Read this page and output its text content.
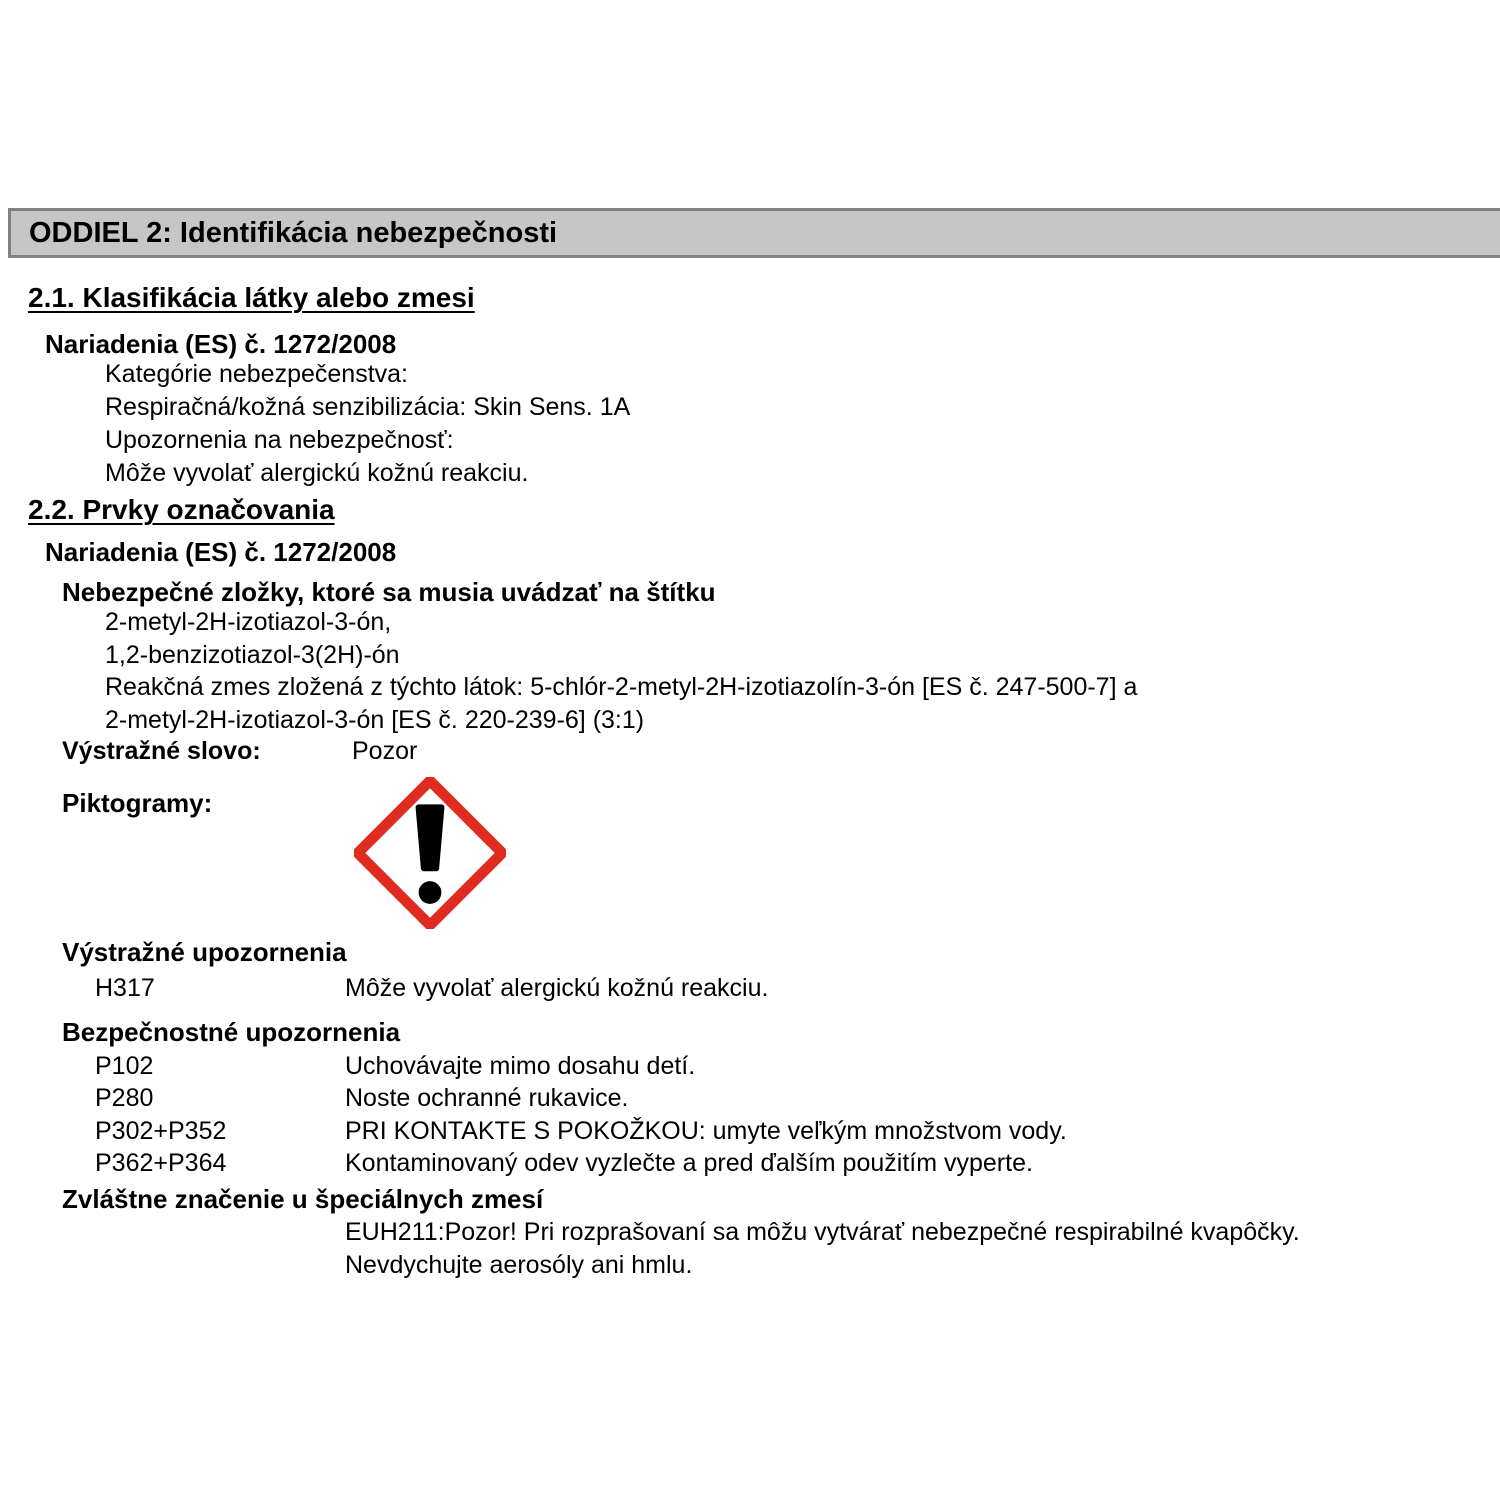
ODDIEL 2: Identifikácia nebezpečnosti
2.1. Klasifikácia látky alebo zmesi
Nariadenia (ES) č. 1272/2008
Kategórie nebezpečenstva:
Respiračná/kožná senzibilizácia: Skin Sens. 1A
Upozornenia na nebezpečnosť:
Môže vyvolať alergickú kožnú reakciu.
2.2. Prvky označovania
Nariadenia (ES) č. 1272/2008
Nebezpečné zložky, ktoré sa musia uvádzať na štítku
2-metyl-2H-izotiazol-3-ón,
1,2-benzizotiazol-3(2H)-ón
Reakčná zmes zložená z týchto látok: 5-chlór-2-metyl-2H-izotiazolín-3-ón [ES č. 247-500-7] a
2-metyl-2H-izotiazol-3-ón [ES č. 220-239-6] (3:1)
Výstražné slovo:	Pozor
Piktogramy:
Výstražné upozornenia
H317	Môže vyvolať alergickú kožnú reakciu.
Bezpečnostné upozornenia
P102	Uchovávajte mimo dosahu detí.
P280	Noste ochranné rukavice.
P302+P352	PRI KONTAKTE S POKOŽKOU: umyte veľkým množstvom vody.
P362+P364	Kontaminovaný odev vyzlečte a pred ďalším použitím vyperte.
Zvláštne značenie u špeciálnych zmesí
EUH211:Pozor! Pri rozprašovaní sa môžu vytvárať nebezpečné respirabilné kvapôčky.
Nevdychujte aerosóly ani hmlu.
